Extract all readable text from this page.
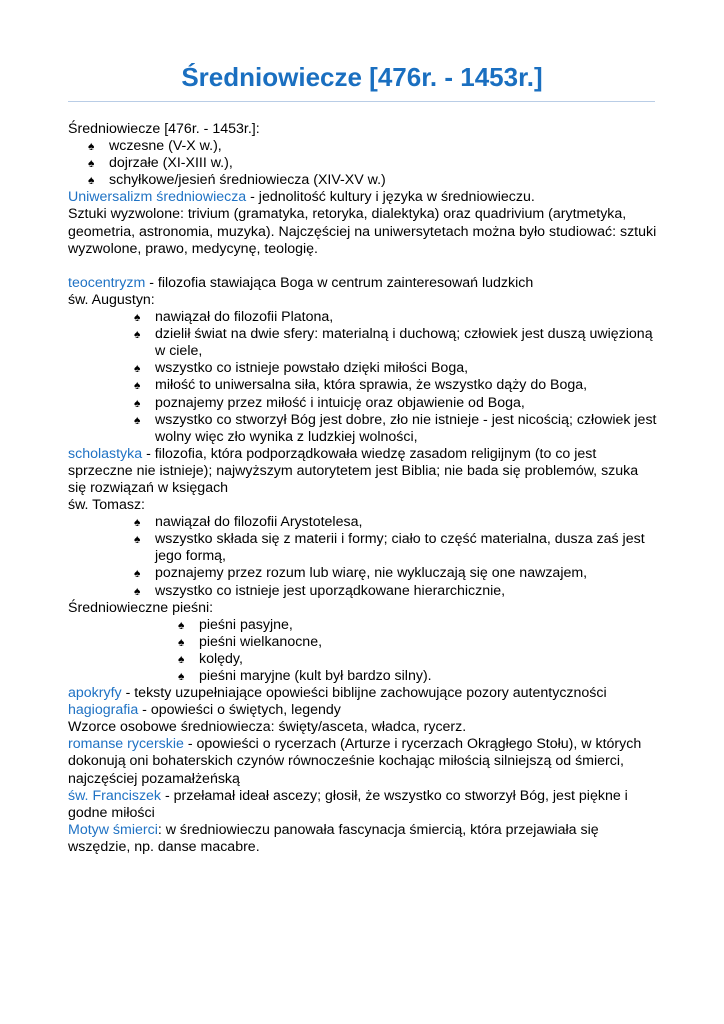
Średniowiecze [476r. - 1453r.]

Średniowiecze [476r. - 1453r.]:

♠ wczesne (V-X w.),
♠ dojrzałe (XI-XIII w.),
♠ schyłkowe/jesień średniowiecza (XIV-XV w.)

Uniwersalizm średniowiecza - jednolitość kultury i języka w średniowieczu.

Sztuki wyzwolone: trivium (gramatyka, retoryka, dialektyka) oraz quadrivium (arytmetyka, geometria, astronomia, muzyka). Najczęściej na uniwersytetach można było studiować: sztuki wyzwolone, prawo, medycynę, teologię.

teocentryzm - filozofia stawiająca Boga w centrum zainteresowań ludzkich

św. Augustyn:

♠ nawiązał do filozofii Platona,
♠ dzielił świat na dwie sfery: materialną i duchową; człowiek jest duszą uwięzioną w ciele,
♠ wszystko co istnieje powstało dzięki miłości Boga,
♠ miłość to uniwersalna siła, która sprawia, że wszystko dąży do Boga,
♠ poznajemy przez miłość i intuicję oraz objawienie od Boga,
♠ wszystko co stworzył Bóg jest dobre, zło nie istnieje - jest nicością; człowiek jest wolny więc zło wynika z ludzkiej wolności,

scholastyka - filozofia, która podporządkowała wiedzę zasadom religijnym (to co jest sprzeczne nie istnieje); najwyższym autorytetem jest Biblia; nie bada się problemów, szuka się rozwiązań w księgach

św. Tomasz:

♠ nawiązał do filozofii Arystotelesa,
♠ wszystko składa się z materii i formy; ciało to część materialna, dusza zaś jest jego formą,
♠ poznajemy przez rozum lub wiarę, nie wykluczają się one nawzajem,
♠ wszystko co istnieje jest uporządkowane hierarchicznie,

Średniowieczne pieśni:

♠ pieśni pasyjne,
♠ pieśni wielkanocne,
♠ kolędy,
♠ pieśni maryjne (kult był bardzo silny).

apokryfy - teksty uzupełniające opowieści biblijne zachowujące pozory autentyczności

hagiografia - opowieści o świętych, legendy

Wzorce osobowe średniowiecza: święty/asceta, władca, rycerz.

romanse rycerskie - opowieści o rycerzach (Arturze i rycerzach Okrągłego Stołu), w których dokonują oni bohaterskich czynów równocześnie kochając miłością silniejszą od śmierci, najczęściej pozamałżeńską

św. Franciszek - przełamał ideał ascezy; głosił, że wszystko co stworzył Bóg, jest piękne i godne miłości

Motyw śmierci: w średniowieczu panowała fascynacja śmiercią, która przejawiała się wszędzie, np. danse macabre.
